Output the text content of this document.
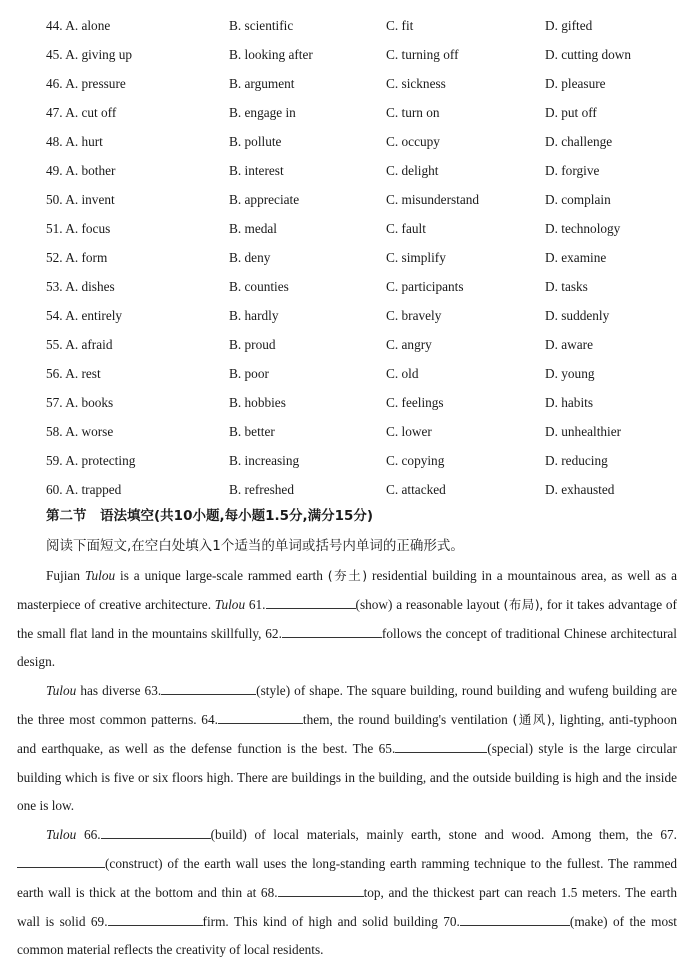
44. A. alone	B. scientific	C. fit	D. gifted
45. A. giving up	B. looking after	C. turning off	D. cutting down
46. A. pressure	B. argument	C. sickness	D. pleasure
47. A. cut off	B. engage in	C. turn on	D. put off
48. A. hurt	B. pollute	C. occupy	D. challenge
49. A. bother	B. interest	C. delight	D. forgive
50. A. invent	B. appreciate	C. misunderstand	D. complain
51. A. focus	B. medal	C. fault	D. technology
52. A. form	B. deny	C. simplify	D. examine
53. A. dishes	B. counties	C. participants	D. tasks
54. A. entirely	B. hardly	C. bravely	D. suddenly
55. A. afraid	B. proud	C. angry	D. aware
56. A. rest	B. poor	C. old	D. young
57. A. books	B. hobbies	C. feelings	D. habits
58. A. worse	B. better	C. lower	D. unhealthier
59. A. protecting	B. increasing	C. copying	D. reducing
60. A. trapped	B. refreshed	C. attacked	D. exhausted
第二节　语法填空(共10小题,每小题1.5分,满分15分)
阅读下面短文,在空白处填入1个适当的单词或括号内单词的正确形式。

Fujian Tulou is a unique large-scale rammed earth (夯土) residential building in a mountainous area, as well as a masterpiece of creative architecture. Tulou 61.	(show) a reasonable layout (布局), for it takes advantage of the small flat land in the mountains skillfully, 62.	follows the concept of traditional Chinese architectural design.

Tulou has diverse 63.	(style) of shape. The square building, round building and wufeng building are the three most common patterns. 64.	them, the round building's ventilation (通风), lighting, anti-typhoon and earthquake, as well as the defense function is the best. The 65.	(special) style is the large circular building which is five or six floors high. There are buildings in the building, and the outside building is high and the inside one is low.

Tulou 66.	(build) of local materials, mainly earth, stone and wood. Among them, the 67.(construct) of the earth wall uses the long-standing earth ramming technique to the fullest. The rammed earth wall is thick at the bottom and thin at 68.	top, and the thickest part can reach 1.5 meters. The earth wall is solid 69.	firm. This kind of high and solid building 70.	(make) of the most common material reflects the creativity of local residents.
